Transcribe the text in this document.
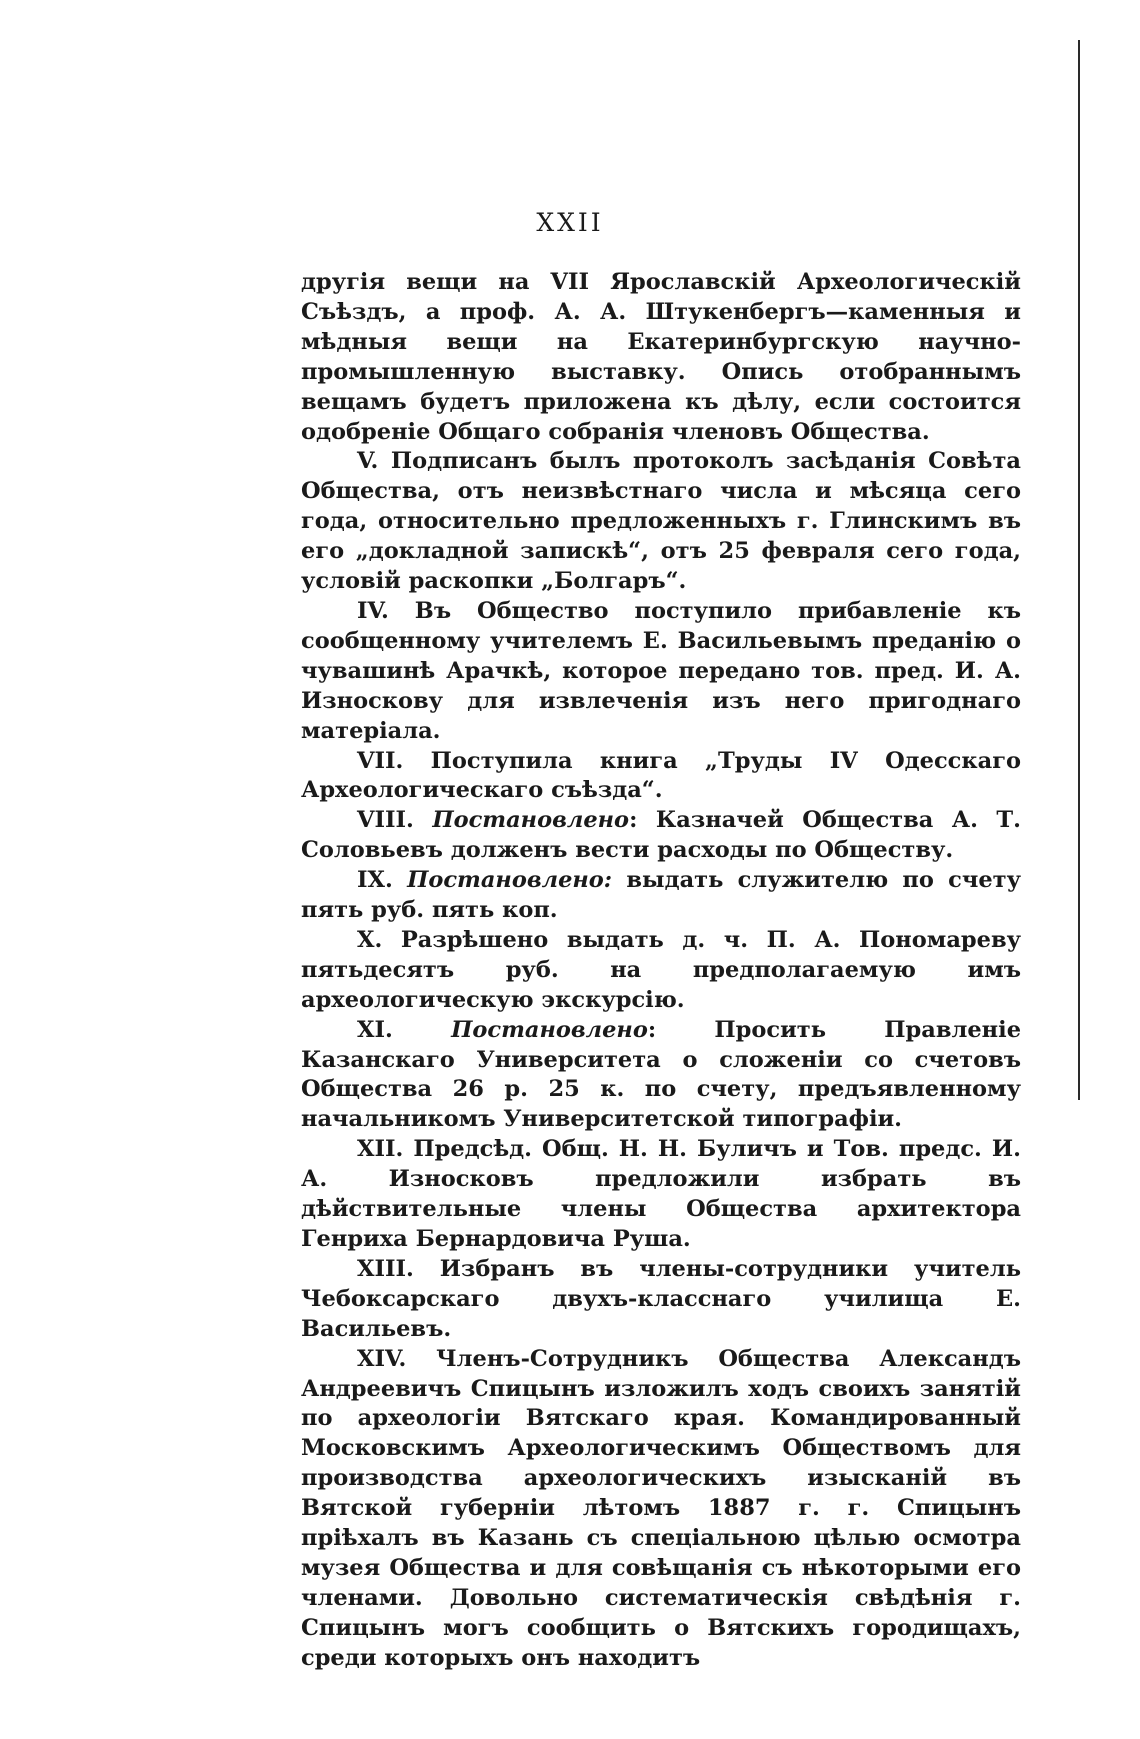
XXII

другія вещи на VII Ярославскій Археологическій Съѣздъ, а проф. А. А. Штукенбергъ—каменныя и мѣдныя вещи на Екатеринбургскую научно-промышленную выставку. Опись отобраннымъ вещамъ будетъ приложена къ дѣлу, если состоится одобреніе Общаго собранія членовъ Общества.

V. Подписанъ былъ протоколъ засѣданія Совѣта Общества, отъ неизвѣстнаго числа и мѣсяца сего года, относительно предложенныхъ г. Глинскимъ въ его „докладной запискѣ“, отъ 25 февраля сего года, условій раскопки „Болгаръ“.

IV. Въ Общество поступило прибавленіе къ сообщенному учителемъ Е. Васильевымъ преданію о чувашинѣ Арачкѣ, которое передано тов. пред. И. А. Износкову для извлеченія изъ него пригоднаго матеріала.

VII. Поступила книга „Труды IV Одесскаго Археологическаго съѣзда“.

VIII. Постановлено: Казначей Общества А. Т. Соловьевъ долженъ вести расходы по Обществу.

IX. Постановлено: выдать служителю по счету пять руб. пять коп.

X. Разрѣшено выдать д. ч. П. А. Пономареву пятьдесятъ руб. на предполагаемую имъ археологическую экскурсію.

XI. Постановлено: Просить Правленіе Казанскаго Университета о сложеніи со счетовъ Общества 26 р. 25 к. по счету, предъявленному начальникомъ Университетской типографіи.

XII. Предсѣд. Общ. Н. Н. Буличъ и Тов. предс. И. А. Износковъ предложили избрать въ дѣйствительные члены Общества архитектора Генриха Бернардовича Руша.

XIII. Избранъ въ члены-сотрудники учитель Чебоксарскаго двухъ-класснаго училища Е. Васильевъ.

XIV. Членъ-Сотрудникъ Общества Александъ Андреевичъ Спицынъ изложилъ ходъ своихъ занятій по археологіи Вятскаго края. Командированный Московскимъ Археологическимъ Обществомъ для производства археологическихъ изысканій въ Вятской губерніи лѣтомъ 1887 г. г. Спицынъ пріѣхалъ въ Казань съ спеціальною цѣлью осмотра музея Общества и для совѣщанія съ нѣкоторыми его членами. Довольно систематическія свѣдѣнія г. Спицынъ могъ сообщить о Вятскихъ городищахъ, среди которыхъ онъ находитъ
